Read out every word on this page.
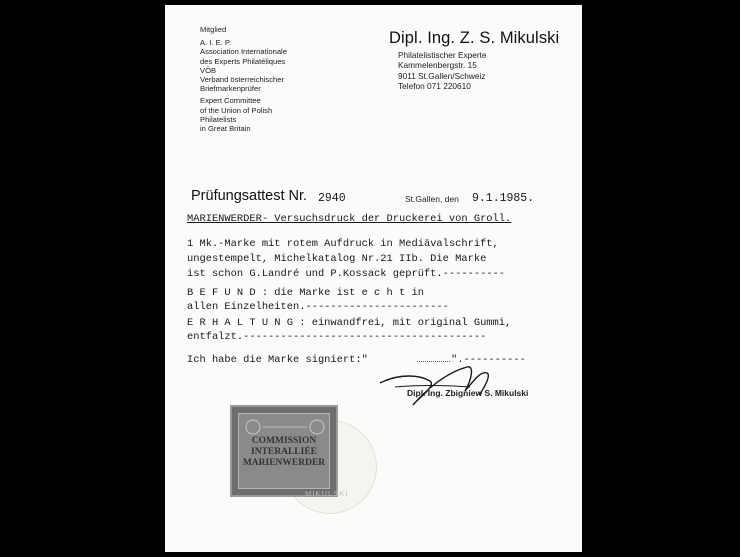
Mitglied
A. I. E. P.
Association Internationale
des Experts Philatéliques
VÖB
Verband österreichischer
Briefmarkenprüfer
Expert Committee
of the Union of Polish
Philatelists
in Great Britain
Dipl. Ing. Z. S. Mikulski
Philatelistischer Experte
Kammelenbergstr. 15
9011 St.Gallen/Schweiz
Telefon 071 220610
Prüfungsattest Nr. 2940	St.Gallen, den 9.1.1985.
MARIENWERDER- Versuchsdruck der Druckerei von Groll.
1 Mk.-Marke mit rotem Aufdruck in Mediävalschrift,
ungestempelt, Michelkatalog Nr.21 IIb. Die Marke
ist schon G.Landré und P.Kossack geprüft.----------
B E F U N D : die Marke ist e c h t in
allen Einzelheiten.-----------------------
E R H A L T U N G : einwandfrei, mit original Gummi,
entfalzt.---------------------------------------
Ich habe die Marke signiert:"	".----------
Dipl. Ing. Zbigniew S. Mikulski
COMMISSION
INTERALLIÉE
MARIENWERDER
MIKULSKI
